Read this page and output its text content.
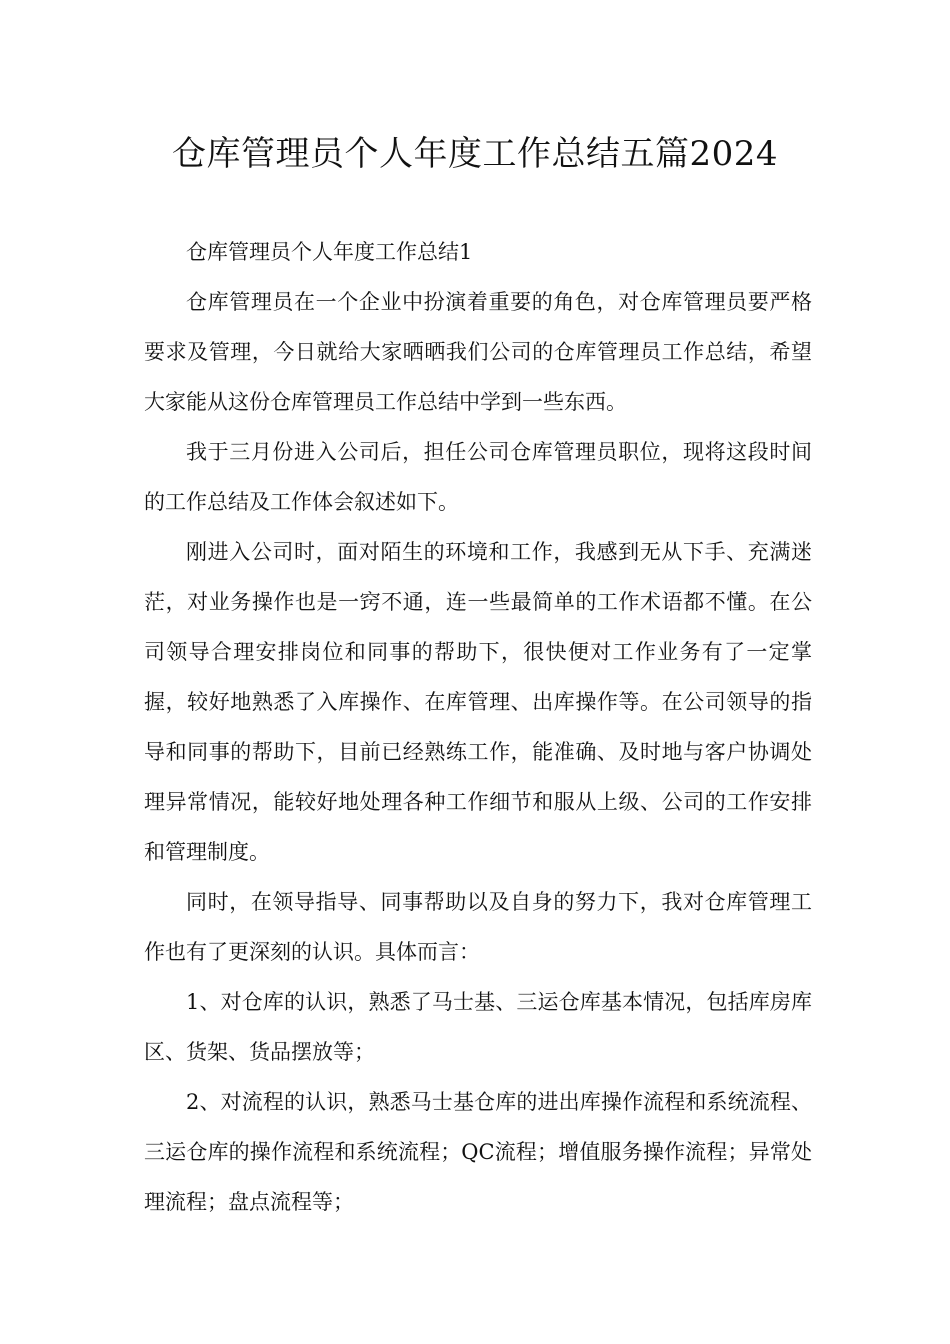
仓库管理员个人年度工作总结五篇2024

仓库管理员个人年度工作总结1

仓库管理员在一个企业中扮演着重要的角色，对仓库管理员要严格要求及管理，今日就给大家晒晒我们公司的仓库管理员工作总结，希望大家能从这份仓库管理员工作总结中学到一些东西。

我于三月份进入公司后，担任公司仓库管理员职位，现将这段时间的工作总结及工作体会叙述如下。

刚进入公司时，面对陌生的环境和工作，我感到无从下手、充满迷茫，对业务操作也是一窍不通，连一些最简单的工作术语都不懂。在公司领导合理安排岗位和同事的帮助下，很快便对工作业务有了一定掌握，较好地熟悉了入库操作、在库管理、出库操作等。在公司领导的指导和同事的帮助下，目前已经熟练工作，能准确、及时地与客户协调处理异常情况，能较好地处理各种工作细节和服从上级、公司的工作安排和管理制度。

同时，在领导指导、同事帮助以及自身的努力下，我对仓库管理工作也有了更深刻的认识。具体而言：

1、对仓库的认识，熟悉了马士基、三运仓库基本情况，包括库房库区、货架、货品摆放等；

2、对流程的认识，熟悉马士基仓库的进出库操作流程和系统流程、三运仓库的操作流程和系统流程；QC流程；增值服务操作流程；异常处理流程；盘点流程等；
